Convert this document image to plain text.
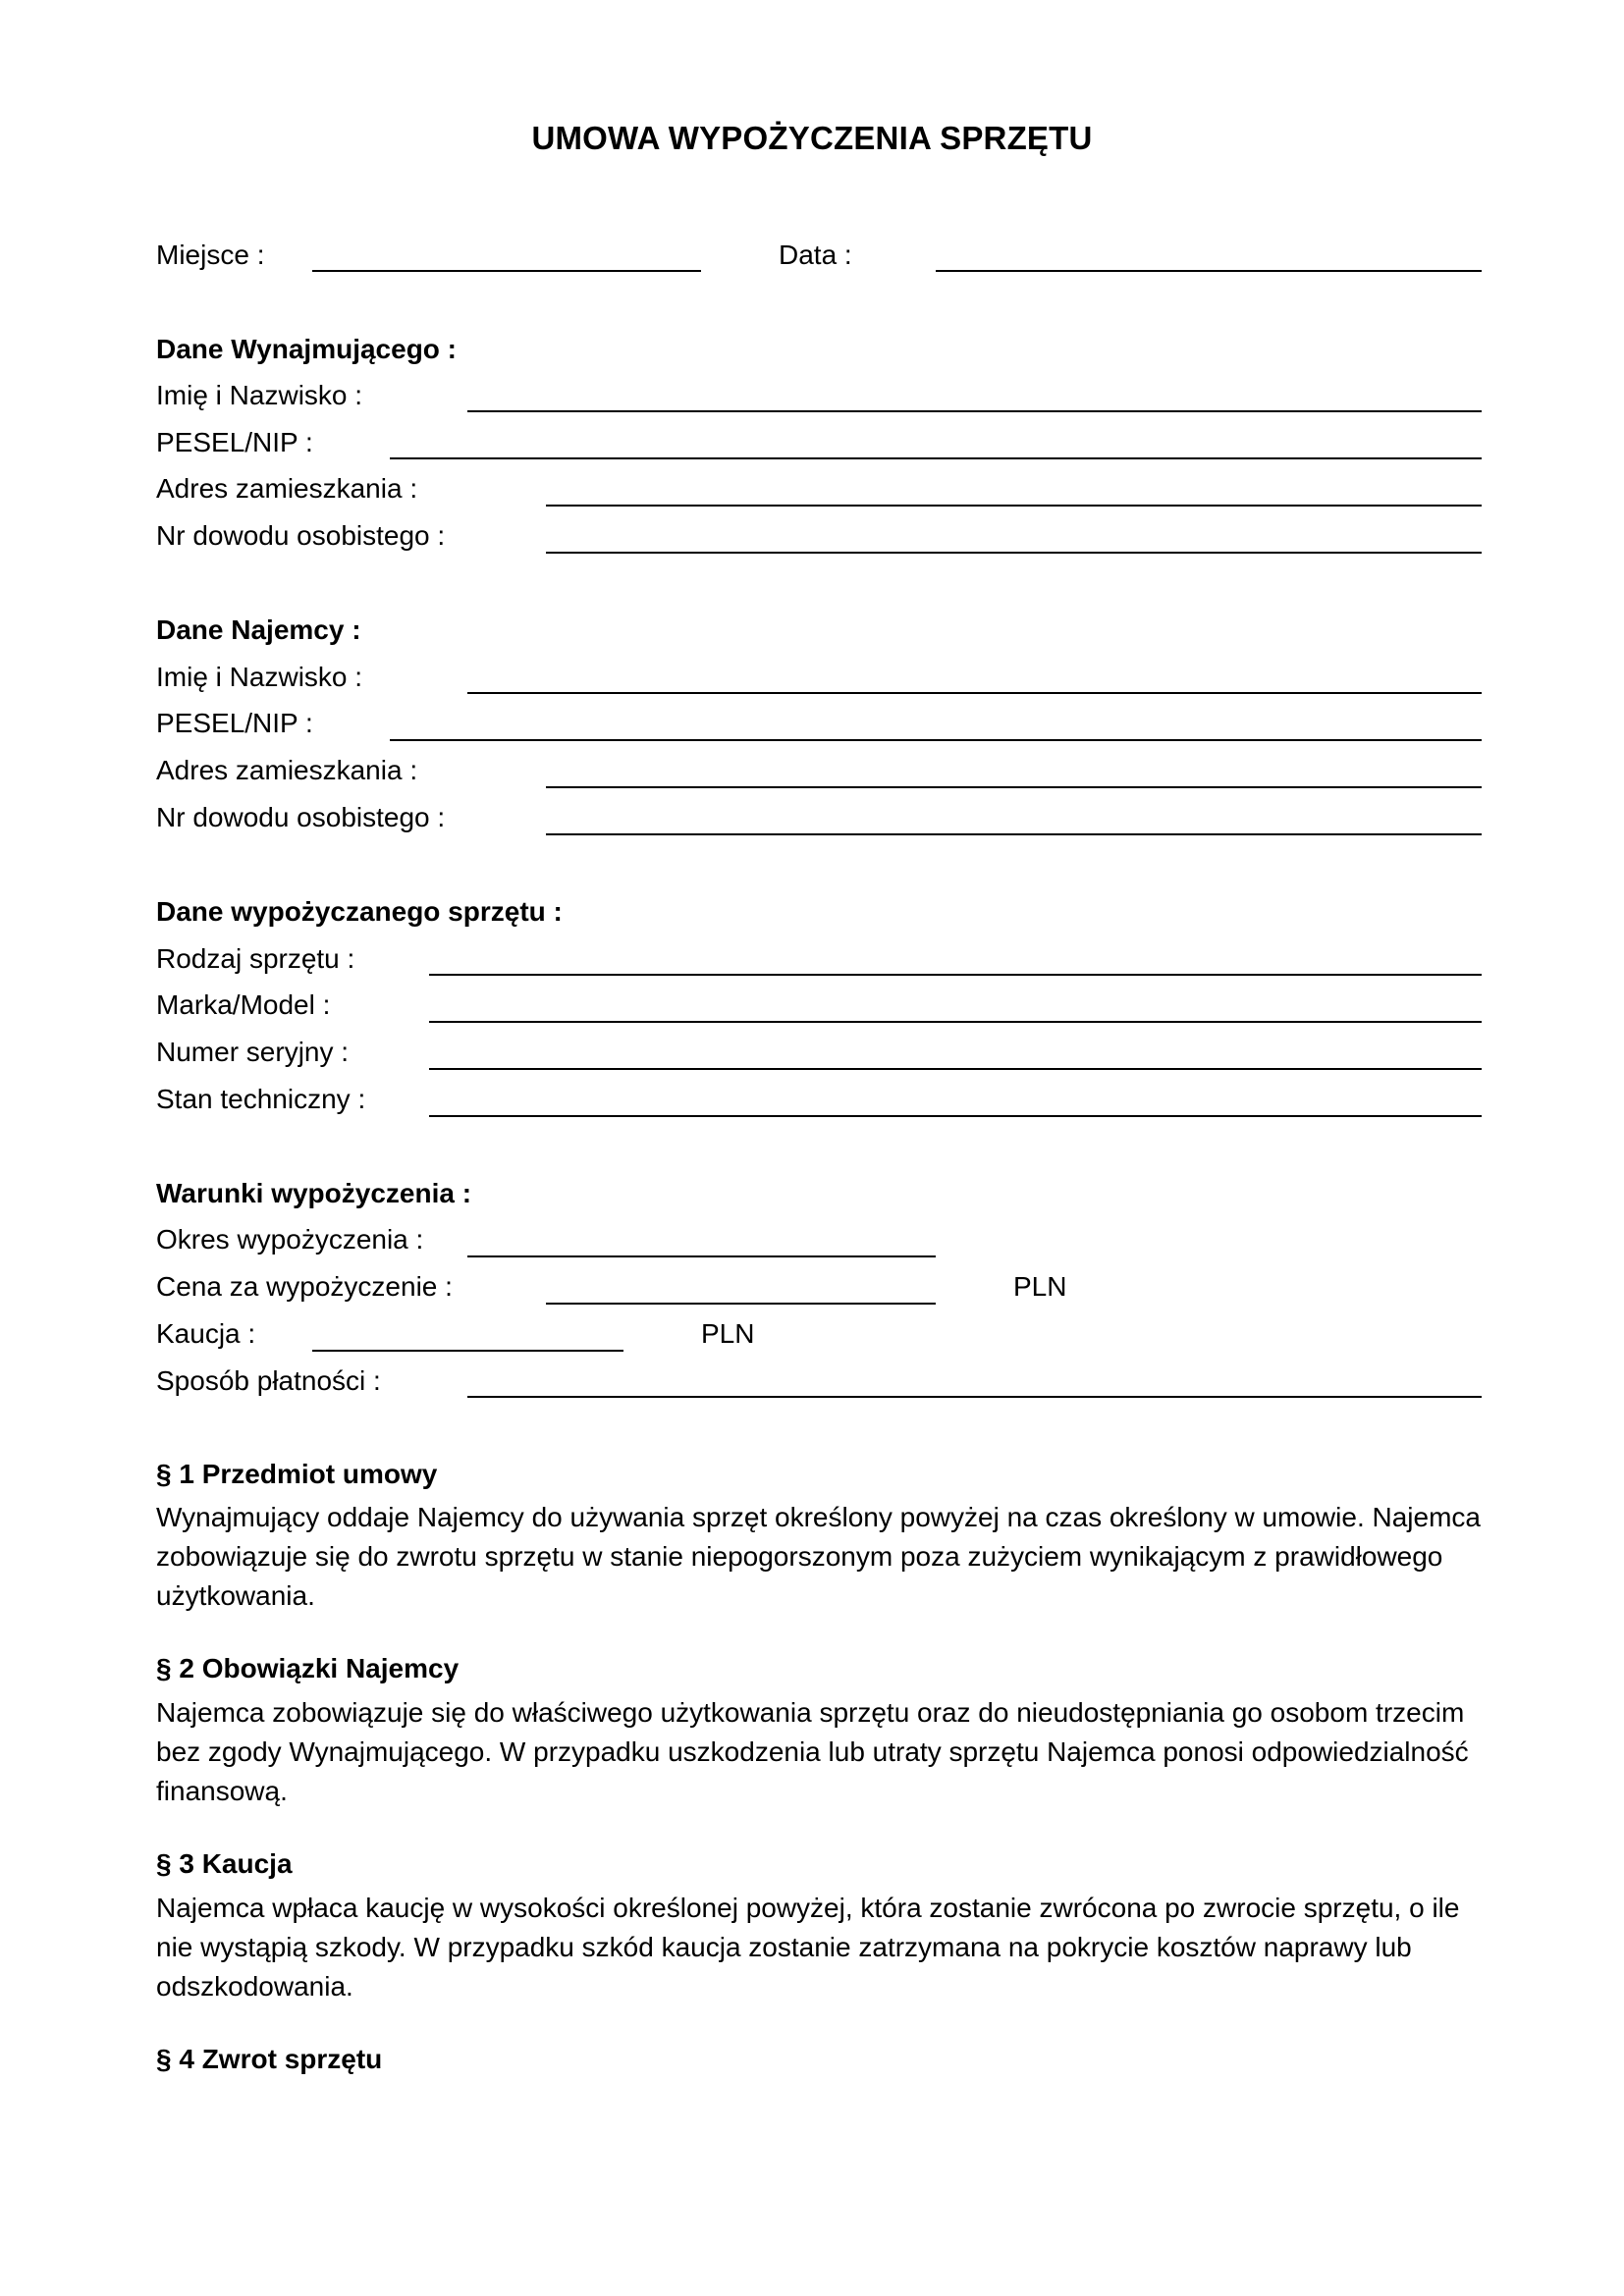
UMOWA WYPOŻYCZENIA SPRZĘTU
Miejsce :	Data :
Dane Wynajmującego :
Imię i Nazwisko :
PESEL/NIP :
Adres zamieszkania :
Nr dowodu osobistego :
Dane Najemcy :
Imię i Nazwisko :
PESEL/NIP :
Adres zamieszkania :
Nr dowodu osobistego :
Dane wypożyczanego sprzętu :
Rodzaj sprzętu :
Marka/Model :
Numer seryjny :
Stan techniczny :
Warunki wypożyczenia :
Okres wypożyczenia :
Cena za wypożyczenie :	PLN
Kaucja :	PLN
Sposób płatności :
§ 1 Przedmiot umowy
Wynajmujący oddaje Najemcy do używania sprzęt określony powyżej na czas określony w umowie. Najemca
zobowiązuje się do zwrotu sprzętu w stanie niepogorszonym poza zużyciem wynikającym z prawidłowego
użytkowania.
§ 2 Obowiązki Najemcy
Najemca zobowiązuje się do właściwego użytkowania sprzętu oraz do nieudostępniania go osobom trzecim
bez zgody Wynajmującego. W przypadku uszkodzenia lub utraty sprzętu Najemca ponosi odpowiedzialność
finansową.
§ 3 Kaucja
Najemca wpłaca kaucję w wysokości określonej powyżej, która zostanie zwrócona po zwrocie sprzętu, o ile
nie wystąpią szkody. W przypadku szkód kaucja zostanie zatrzymana na pokrycie kosztów naprawy lub
odszkodowania.
§ 4 Zwrot sprzętu
